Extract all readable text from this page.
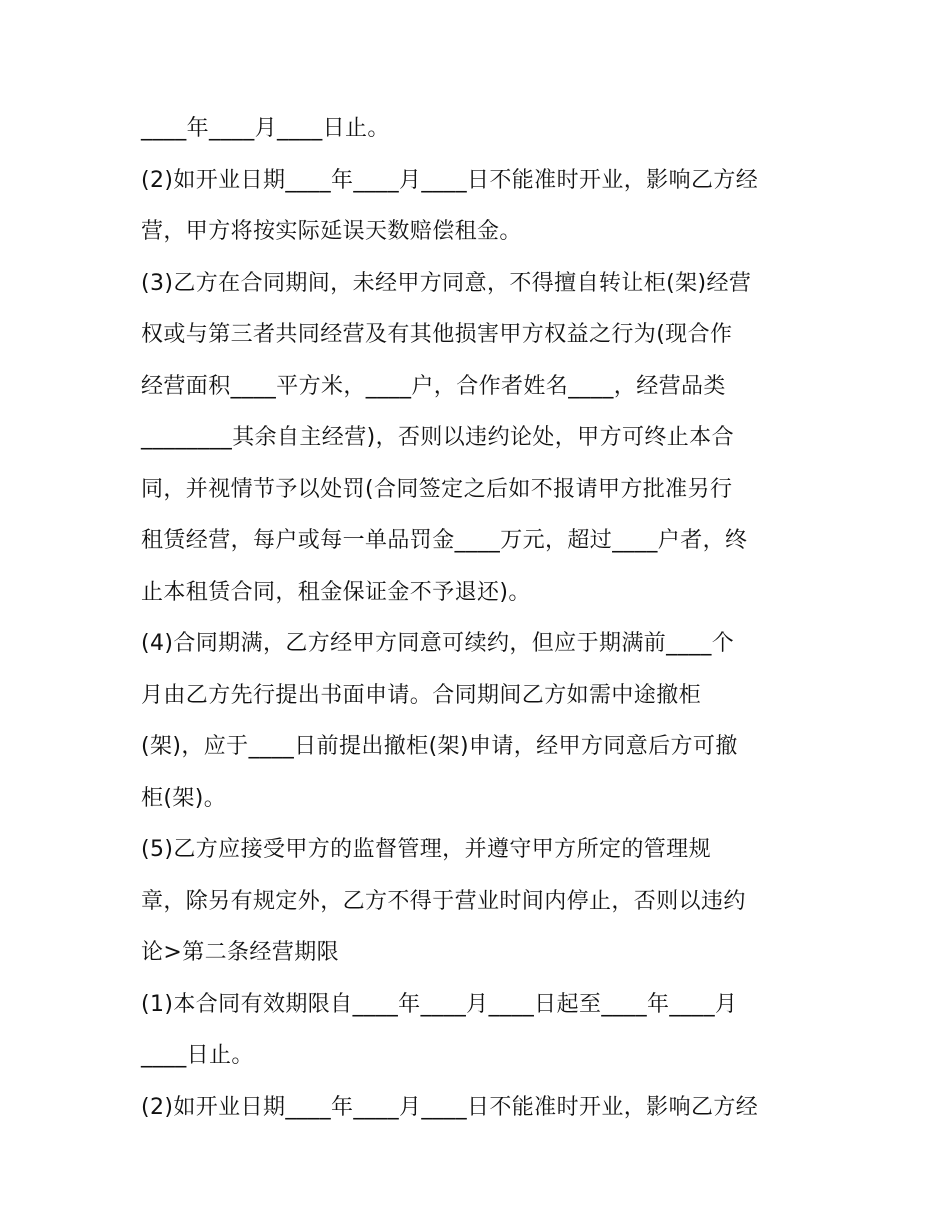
____年____月____日止。
(2)如开业日期____年____月____日不能准时开业，影响乙方经
营，甲方将按实际延误天数赔偿租金。
(3)乙方在合同期间，未经甲方同意，不得擅自转让柜(架)经营
权或与第三者共同经营及有其他损害甲方权益之行为(现合作
经营面积____平方米，____户，合作者姓名____，经营品类
________其余自主经营)，否则以违约论处，甲方可终止本合
同，并视情节予以处罚(合同签定之后如不报请甲方批准另行
租赁经营，每户或每一单品罚金____万元，超过____户者，终
止本租赁合同，租金保证金不予退还)。
(4)合同期满，乙方经甲方同意可续约，但应于期满前____个
月由乙方先行提出书面申请。合同期间乙方如需中途撤柜
(架)，应于____日前提出撤柜(架)申请，经甲方同意后方可撤
柜(架)。
(5)乙方应接受甲方的监督管理，并遵守甲方所定的管理规
章，除另有规定外，乙方不得于营业时间内停止，否则以违约
论>第二条经营期限
(1)本合同有效期限自____年____月____日起至____年____月
____日止。
(2)如开业日期____年____月____日不能准时开业，影响乙方经
